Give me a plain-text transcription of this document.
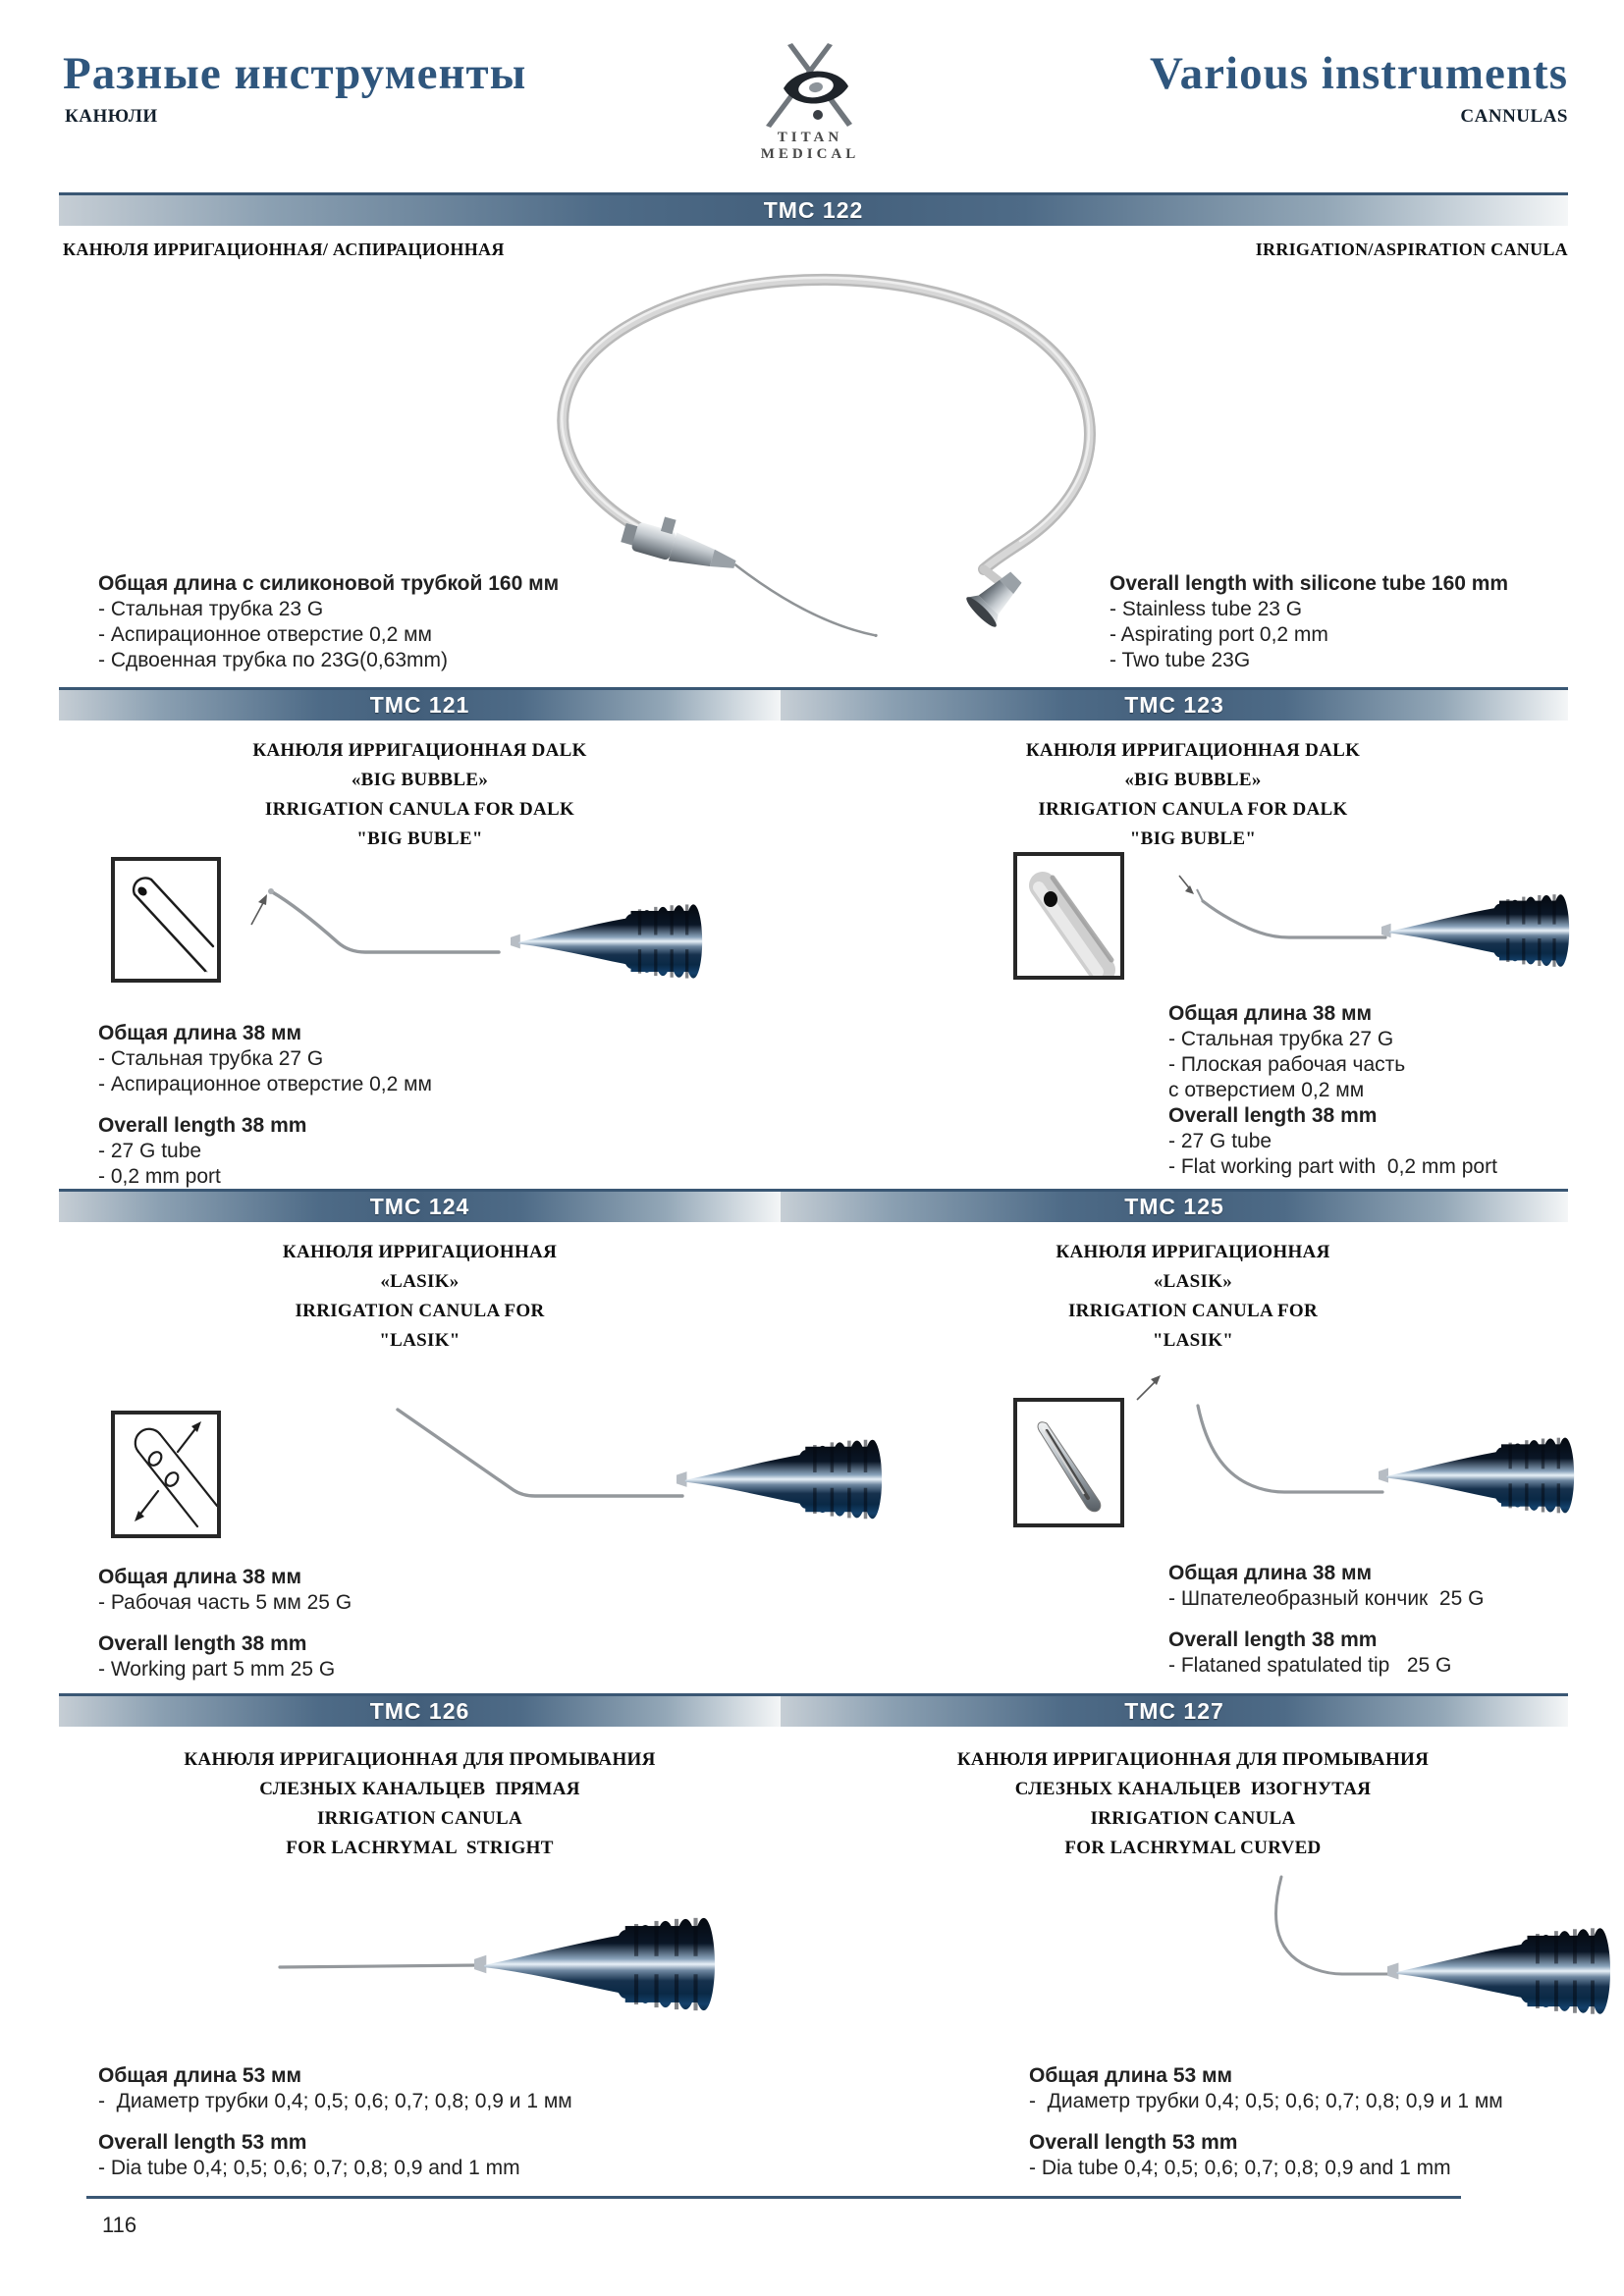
Разные инструменты
КАНЮЛИ
Various instruments
CANNULAS
TITAN
MEDICAL
TMC 122
КАНЮЛЯ ИРРИГАЦИОННАЯ/ АСПИРАЦИОННАЯ	IRRIGATION/ASPIRATION CANULA
Общая длина с силиконовой трубкой 160 мм
- Стальная трубка 23 G
- Аспирационное отверстие 0,2 мм
- Сдвоенная трубка по 23G(0,63mm)
Overall length with silicone tube 160 mm
- Stainless tube 23 G
- Aspirating port 0,2 mm
- Two tube 23G
TMC 121	TMC 123
КАНЮЛЯ ИРРИГАЦИОННАЯ DALK
«BIG BUBBLE»
IRRIGATION CANULA FOR DALK
"BIG BUBLE"
КАНЮЛЯ ИРРИГАЦИОННАЯ DALK
«BIG BUBBLE»
IRRIGATION CANULA FOR DALK
"BIG BUBLE"
Общая длина 38 мм
- Стальная трубка 27 G
- Аспирационное отверстие 0,2 мм
Overall length 38 mm
- 27 G tube
- 0,2 mm port
Общая длина 38 мм
- Стальная трубка 27 G
- Плоская рабочая часть
с отверстием 0,2 мм
Overall length 38 mm
- 27 G tube
- Flat working part with  0,2 mm port
TMC 124	TMC 125
КАНЮЛЯ ИРРИГАЦИОННАЯ
«LASIK»
IRRIGATION CANULA FOR
"LASIK"
КАНЮЛЯ ИРРИГАЦИОННАЯ
«LASIK»
IRRIGATION CANULA FOR
"LASIK"
Общая длина 38 мм
- Рабочая часть 5 мм 25 G
Overall length 38 mm
- Working part 5 mm 25 G
Общая длина 38 мм
- Шпателеобразный кончик  25 G
Overall length 38 mm
- Flataned spatulated tip   25 G
TMC 126	TMC 127
КАНЮЛЯ ИРРИГАЦИОННАЯ ДЛЯ ПРОМЫВАНИЯ
СЛЕЗНЫХ КАНАЛЬЦЕВ  ПРЯМАЯ
IRRIGATION CANULA
FOR LACHRYMAL  STRIGHT
КАНЮЛЯ ИРРИГАЦИОННАЯ ДЛЯ ПРОМЫВАНИЯ
СЛЕЗНЫХ КАНАЛЬЦЕВ  ИЗОГНУТАЯ
IRRIGATION CANULA
FOR LACHRYMAL CURVED
Общая длина 53 мм
-  Диаметр трубки 0,4; 0,5; 0,6; 0,7; 0,8; 0,9 и 1 мм
Overall length 53 mm
- Dia tube 0,4; 0,5; 0,6; 0,7; 0,8; 0,9 and 1 mm
Общая длина 53 мм
-  Диаметр трубки 0,4; 0,5; 0,6; 0,7; 0,8; 0,9 и 1 мм
Overall length 53 mm
- Dia tube 0,4; 0,5; 0,6; 0,7; 0,8; 0,9 and 1 mm
116
